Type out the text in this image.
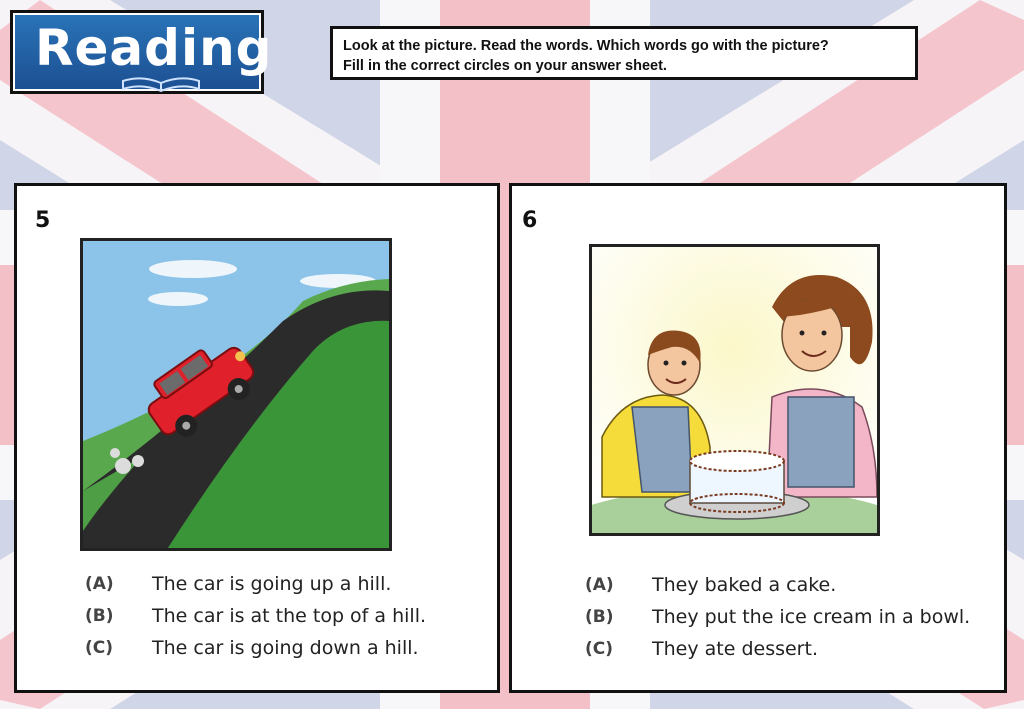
Reading	Look at the picture. Read the words. Which words go with the picture?
Fill in the correct circles on your answer sheet.
5
(A)	The car is going up a hill.
(B)	The car is at the top of a hill.
(C)	The car is going down a hill.
6
(A)	They baked a cake.
(B)	They put the ice cream in a bowl.
(C)	They ate dessert.
